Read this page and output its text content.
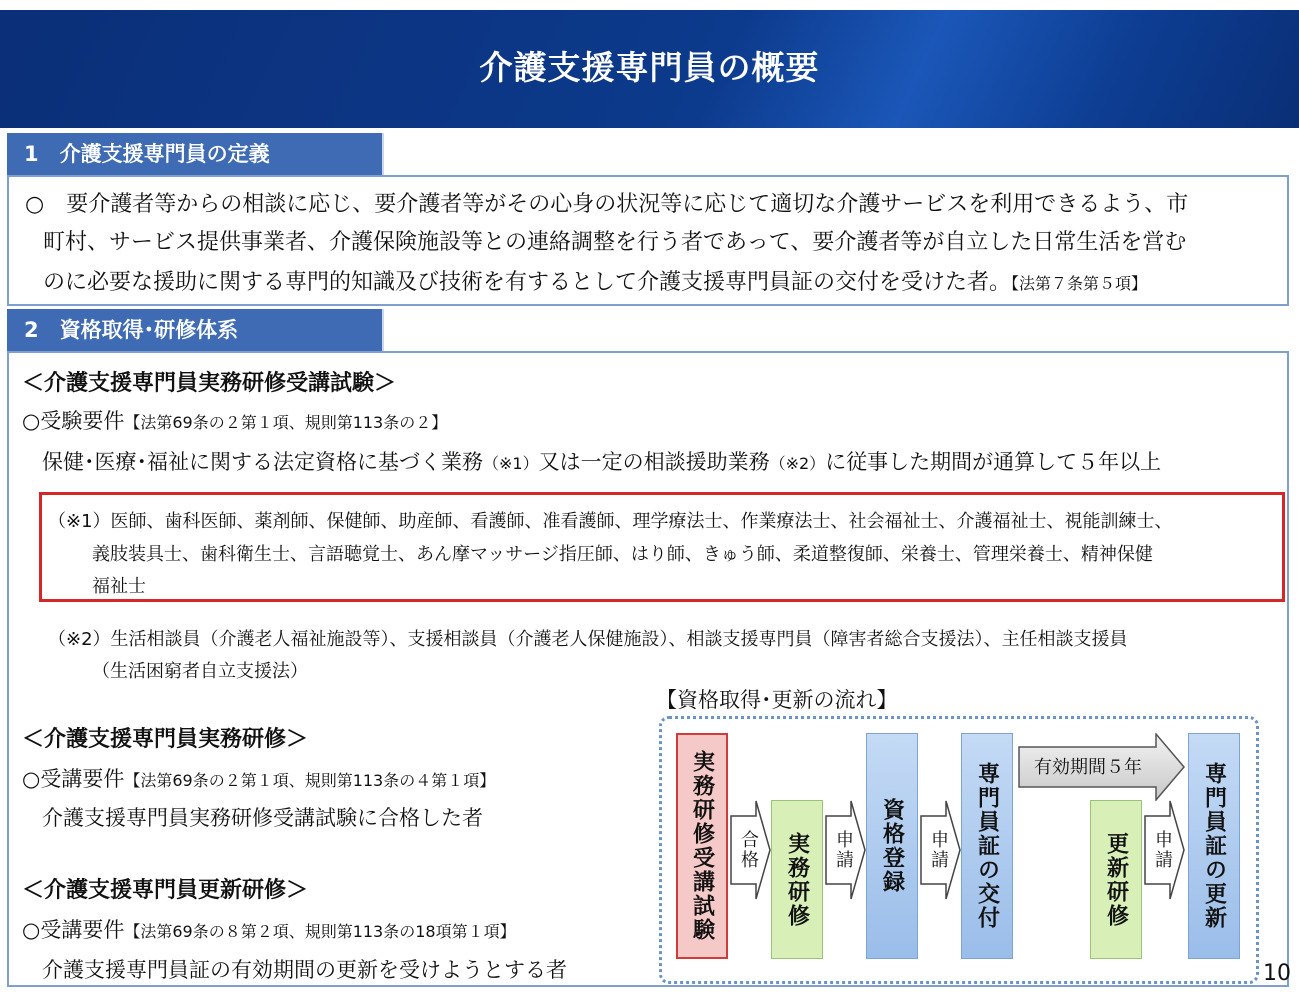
介護支援専門員の概要
1　介護支援専門員の定義
○　要介護者等からの相談に応じ、要介護者等がその心身の状況等に応じて適切な介護サービスを利用できるよう、市
町村、サービス提供事業者、介護保険施設等との連絡調整を行う者であって、要介護者等が自立した日常生活を営む
のに必要な援助に関する専門的知識及び技術を有するとして介護支援専門員証の交付を受けた者。【法第７条第５項】
2　資格取得･研修体系
＜介護支援専門員実務研修受講試験＞
○受験要件【法第69条の２第１項、規則第113条の２】
保健･医療･福祉に関する法定資格に基づく業務（※1）又は一定の相談援助業務（※2）に従事した期間が通算して５年以上
（※1）医師、歯科医師、薬剤師、保健師、助産師、看護師、准看護師、理学療法士、作業療法士、社会福祉士、介護福祉士、視能訓練士、
義肢装具士、歯科衛生士、言語聴覚士、あん摩マッサージ指圧師、はり師、きゅう師、柔道整復師、栄養士、管理栄養士、精神保健
福祉士
（※2）生活相談員（介護老人福祉施設等）、支援相談員（介護老人保健施設）、相談支援専門員（障害者総合支援法）、主任相談支援員
（生活困窮者自立支援法）
＜介護支援専門員実務研修＞
○受講要件【法第69条の２第１項、規則第113条の４第１項】
介護支援専門員実務研修受講試験に合格した者
＜介護支援専門員更新研修＞
○受講要件【法第69条の８第２項、規則第113条の18項第１項】
介護支援専門員証の有効期間の更新を受けようとする者
【資格取得･更新の流れ】
実務研修受講試験 合格 実務研修 申請 資格登録 申請 専門員証の交付 有効期間５年
更新研修 申請 専門員証の更新
10
